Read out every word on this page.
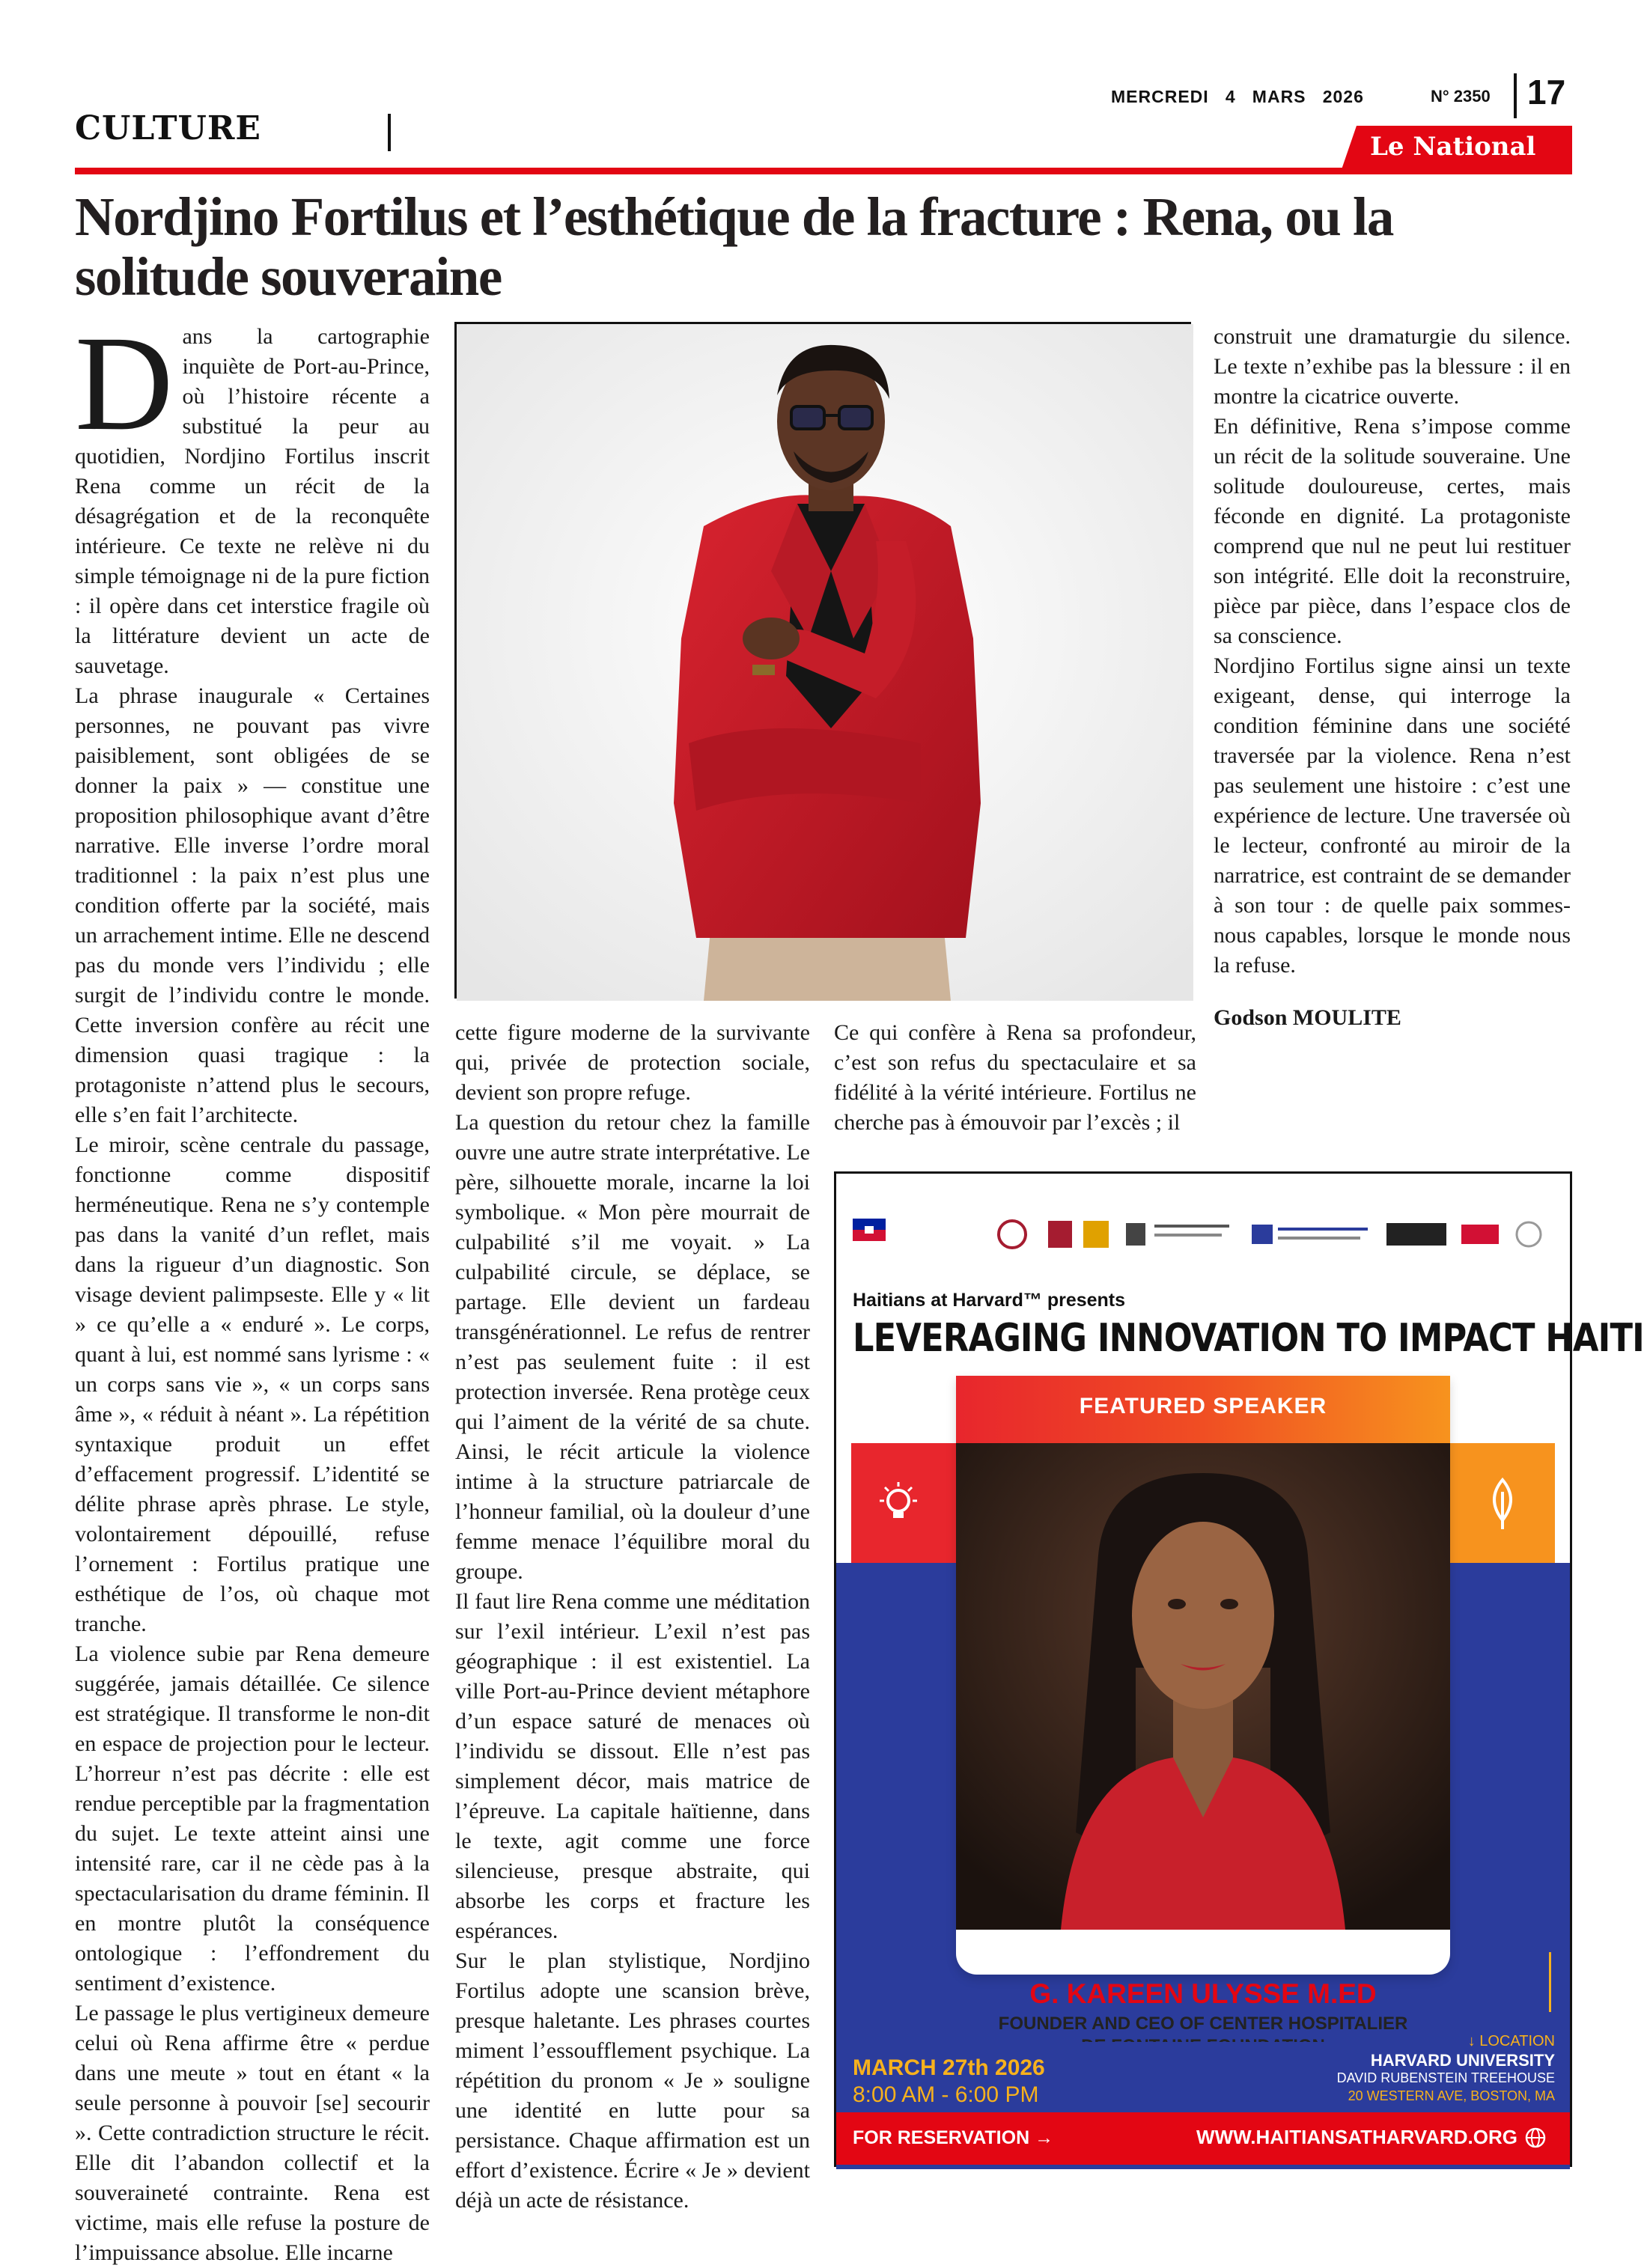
CULTURE
MERCREDI   4   MARS   2026	N° 2350 17
Le National
Nordjino Fortilus et l’esthétique de la fracture : Rena, ou la solitude souveraine
D ans la cartographie inquiète de Port-au-Prince, où l’histoire récente a substitué la peur au quotidien, Nordjino Fortilus inscrit Rena comme un récit de la désagrégation et de la reconquête intérieure. Ce texte ne relève ni du simple témoignage ni de la pure fiction : il opère dans cet interstice fragile où la littérature devient un acte de sauvetage.

La phrase inaugurale « Certaines personnes, ne pouvant pas vivre paisiblement, sont obligées de se donner la paix » — constitue une proposition philosophique avant d’être narrative. Elle inverse l’ordre moral traditionnel : la paix n’est plus une condition offerte par la société, mais un arrachement intime. Elle ne descend pas du monde vers l’individu ; elle surgit de l’individu contre le monde. Cette inversion confère au récit une dimension quasi tragique : la protagoniste n’attend plus le secours, elle s’en fait l’architecte.

Le miroir, scène centrale du passage, fonctionne comme dispositif herméneutique. Rena ne s’y contemple pas dans la vanité d’un reflet, mais dans la rigueur d’un diagnostic. Son visage devient palimpseste. Elle y « lit » ce qu’elle a « enduré ». Le corps, quant à lui, est nommé sans lyrisme : « un corps sans vie », « un corps sans âme », « réduit à néant ». La répétition syntaxique produit un effet d’effacement progressif. L’identité se délite phrase après phrase. Le style, volontairement dépouillé, refuse l’ornement : Fortilus pratique une esthétique de l’os, où chaque mot tranche.

La violence subie par Rena demeure suggérée, jamais détaillée. Ce silence est stratégique. Il transforme le non-dit en espace de projection pour le lecteur. L’horreur n’est pas décrite : elle est rendue perceptible par la fragmentation du sujet. Le texte atteint ainsi une intensité rare, car il ne cède pas à la spectacularisation du drame féminin. Il en montre plutôt la conséquence ontologique : l’effondrement du sentiment d’existence.

Le passage le plus vertigineux demeure celui où Rena affirme être « perdue dans une meute » tout en étant « la seule personne à pouvoir [se] secourir ». Cette contradiction structure le récit. Elle dit l’abandon collectif et la souveraineté contrainte. Rena est victime, mais elle refuse la posture de l’impuissance absolue. Elle incarne

cette figure moderne de la survivante qui, privée de protection sociale, devient son propre refuge.

La question du retour chez la famille ouvre une autre strate interprétative. Le père, silhouette morale, incarne la loi symbolique. « Mon père mourrait de culpabilité s’il me voyait. » La culpabilité circule, se déplace, se partage. Elle devient un fardeau transgénérationnel. Le refus de rentrer n’est pas seulement fuite : il est protection inversée. Rena protège ceux qui l’aiment de la vérité de sa chute. Ainsi, le récit articule la violence intime à la structure patriarcale de l’honneur familial, où la douleur d’une femme menace l’équilibre moral du groupe.

Il faut lire Rena comme une méditation sur l’exil intérieur. L’exil n’est pas géographique : il est existentiel. La ville Port-au-Prince devient métaphore d’un espace saturé de menaces où l’individu se dissout. Elle n’est pas simplement décor, mais matrice de l’épreuve. La capitale haïtienne, dans le texte, agit comme une force silencieuse, presque abstraite, qui absorbe les corps et fracture les espérances.

Sur le plan stylistique, Nordjino Fortilus adopte une scansion brève, presque haletante. Les phrases courtes miment l’essoufflement psychique. La répétition du pronom « Je » souligne une identité en lutte pour sa persistance. Chaque affirmation est un effort d’existence. Écrire « Je » devient déjà un acte de résistance.

Ce qui confère à Rena sa profondeur, c’est son refus du spectaculaire et sa fidélité à la vérité intérieure. Fortilus ne cherche pas à émouvoir par l’excès ; il

construit une dramaturgie du silence. Le texte n’exhibe pas la blessure : il en montre la cicatrice ouverte.

En définitive, Rena s’impose comme un récit de la solitude souveraine. Une solitude douloureuse, certes, mais féconde en dignité. La protagoniste comprend que nul ne peut lui restituer son intégrité. Elle doit la reconstruire, pièce par pièce, dans l’espace clos de sa conscience.

Nordjino Fortilus signe ainsi un texte exigeant, dense, qui interroge la condition féminine dans une société traversée par la violence. Rena n’est pas seulement une histoire : c’est une expérience de lecture. Une traversée où le lecteur, confronté au miroir de la narratrice, est contraint de se demander à son tour : de quelle paix sommes-nous capables, lorsque le monde nous la refuse.

Godson MOULITE

Haitians at Harvard™ presents
LEVERAGING INNOVATION TO IMPACT HAITI
FEATURED SPEAKER
G. KAREEN ULYSSE M.ED
FOUNDER AND CEO OF CENTER HOSPITALIER
MARCH 27th 2026
8:00 AM - 6:00 PM
↓ LOCATION
HARVARD UNIVERSITY
DAVID RUBENSTEIN TREEHOUSE
20 WESTERN AVE, BOSTON, MA
FOR RESERVATION →	WWW.HAITIANSATHARVARD.ORG
